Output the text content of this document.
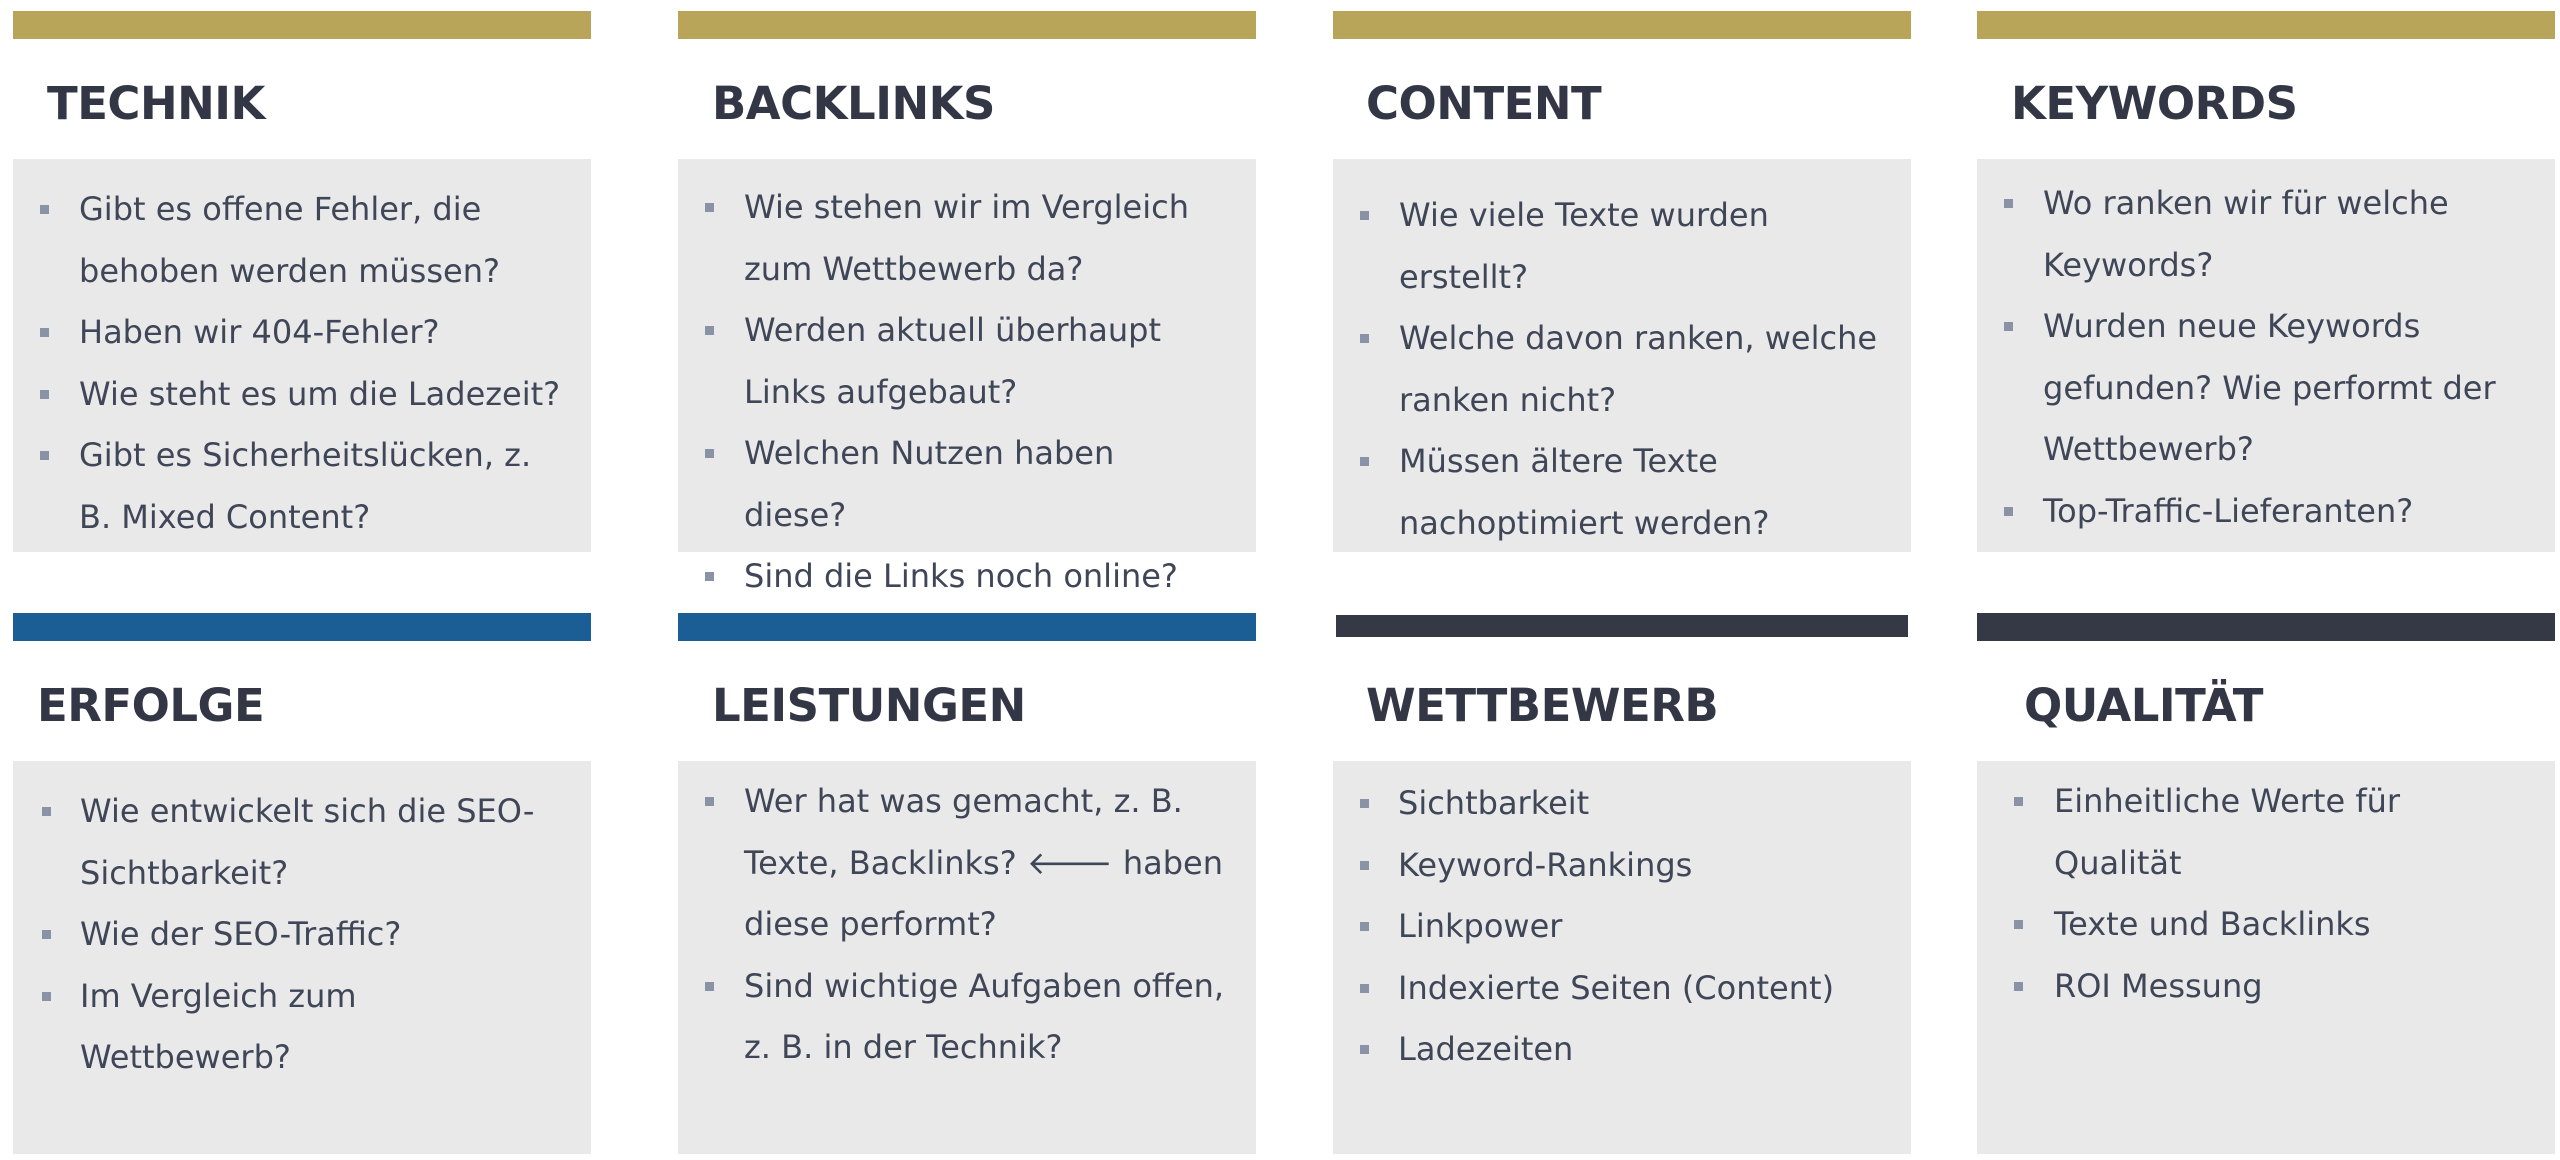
TECHNIK
Gibt es offene Fehler, die behoben werden müssen?
Haben wir 404-Fehler?
Wie steht es um die Ladezeit?
Gibt es Sicherheitslücken, z. B. Mixed Content?
BACKLINKS
Wie stehen wir im Vergleich zum Wettbewerb da?
Werden aktuell überhaupt Links aufgebaut?
Welchen Nutzen haben diese?
Sind die Links noch online?
CONTENT
Wie viele Texte wurden erstellt?
Welche davon ranken, welche ranken nicht?
Müssen ältere Texte nachoptimiert werden?
KEYWORDS
Wo ranken wir für welche Keywords?
Wurden neue Keywords gefunden? Wie performt der Wettbewerb?
Top-Traffic-Lieferanten?
ERFOLGE
Wie entwickelt sich die SEO-Sichtbarkeit?
Wie der SEO-Traffic?
Im Vergleich zum Wettbewerb?
LEISTUNGEN
Wer hat was gemacht, z. B. Texte, Backlinks? 🡐 haben diese performt?
Sind wichtige Aufgaben offen, z. B. in der Technik?
WETTBEWERB
Sichtbarkeit
Keyword-Rankings
Linkpower
Indexierte Seiten (Content)
Ladezeiten
QUALITÄT
Einheitliche Werte für Qualität
Texte und Backlinks
ROI Messung
